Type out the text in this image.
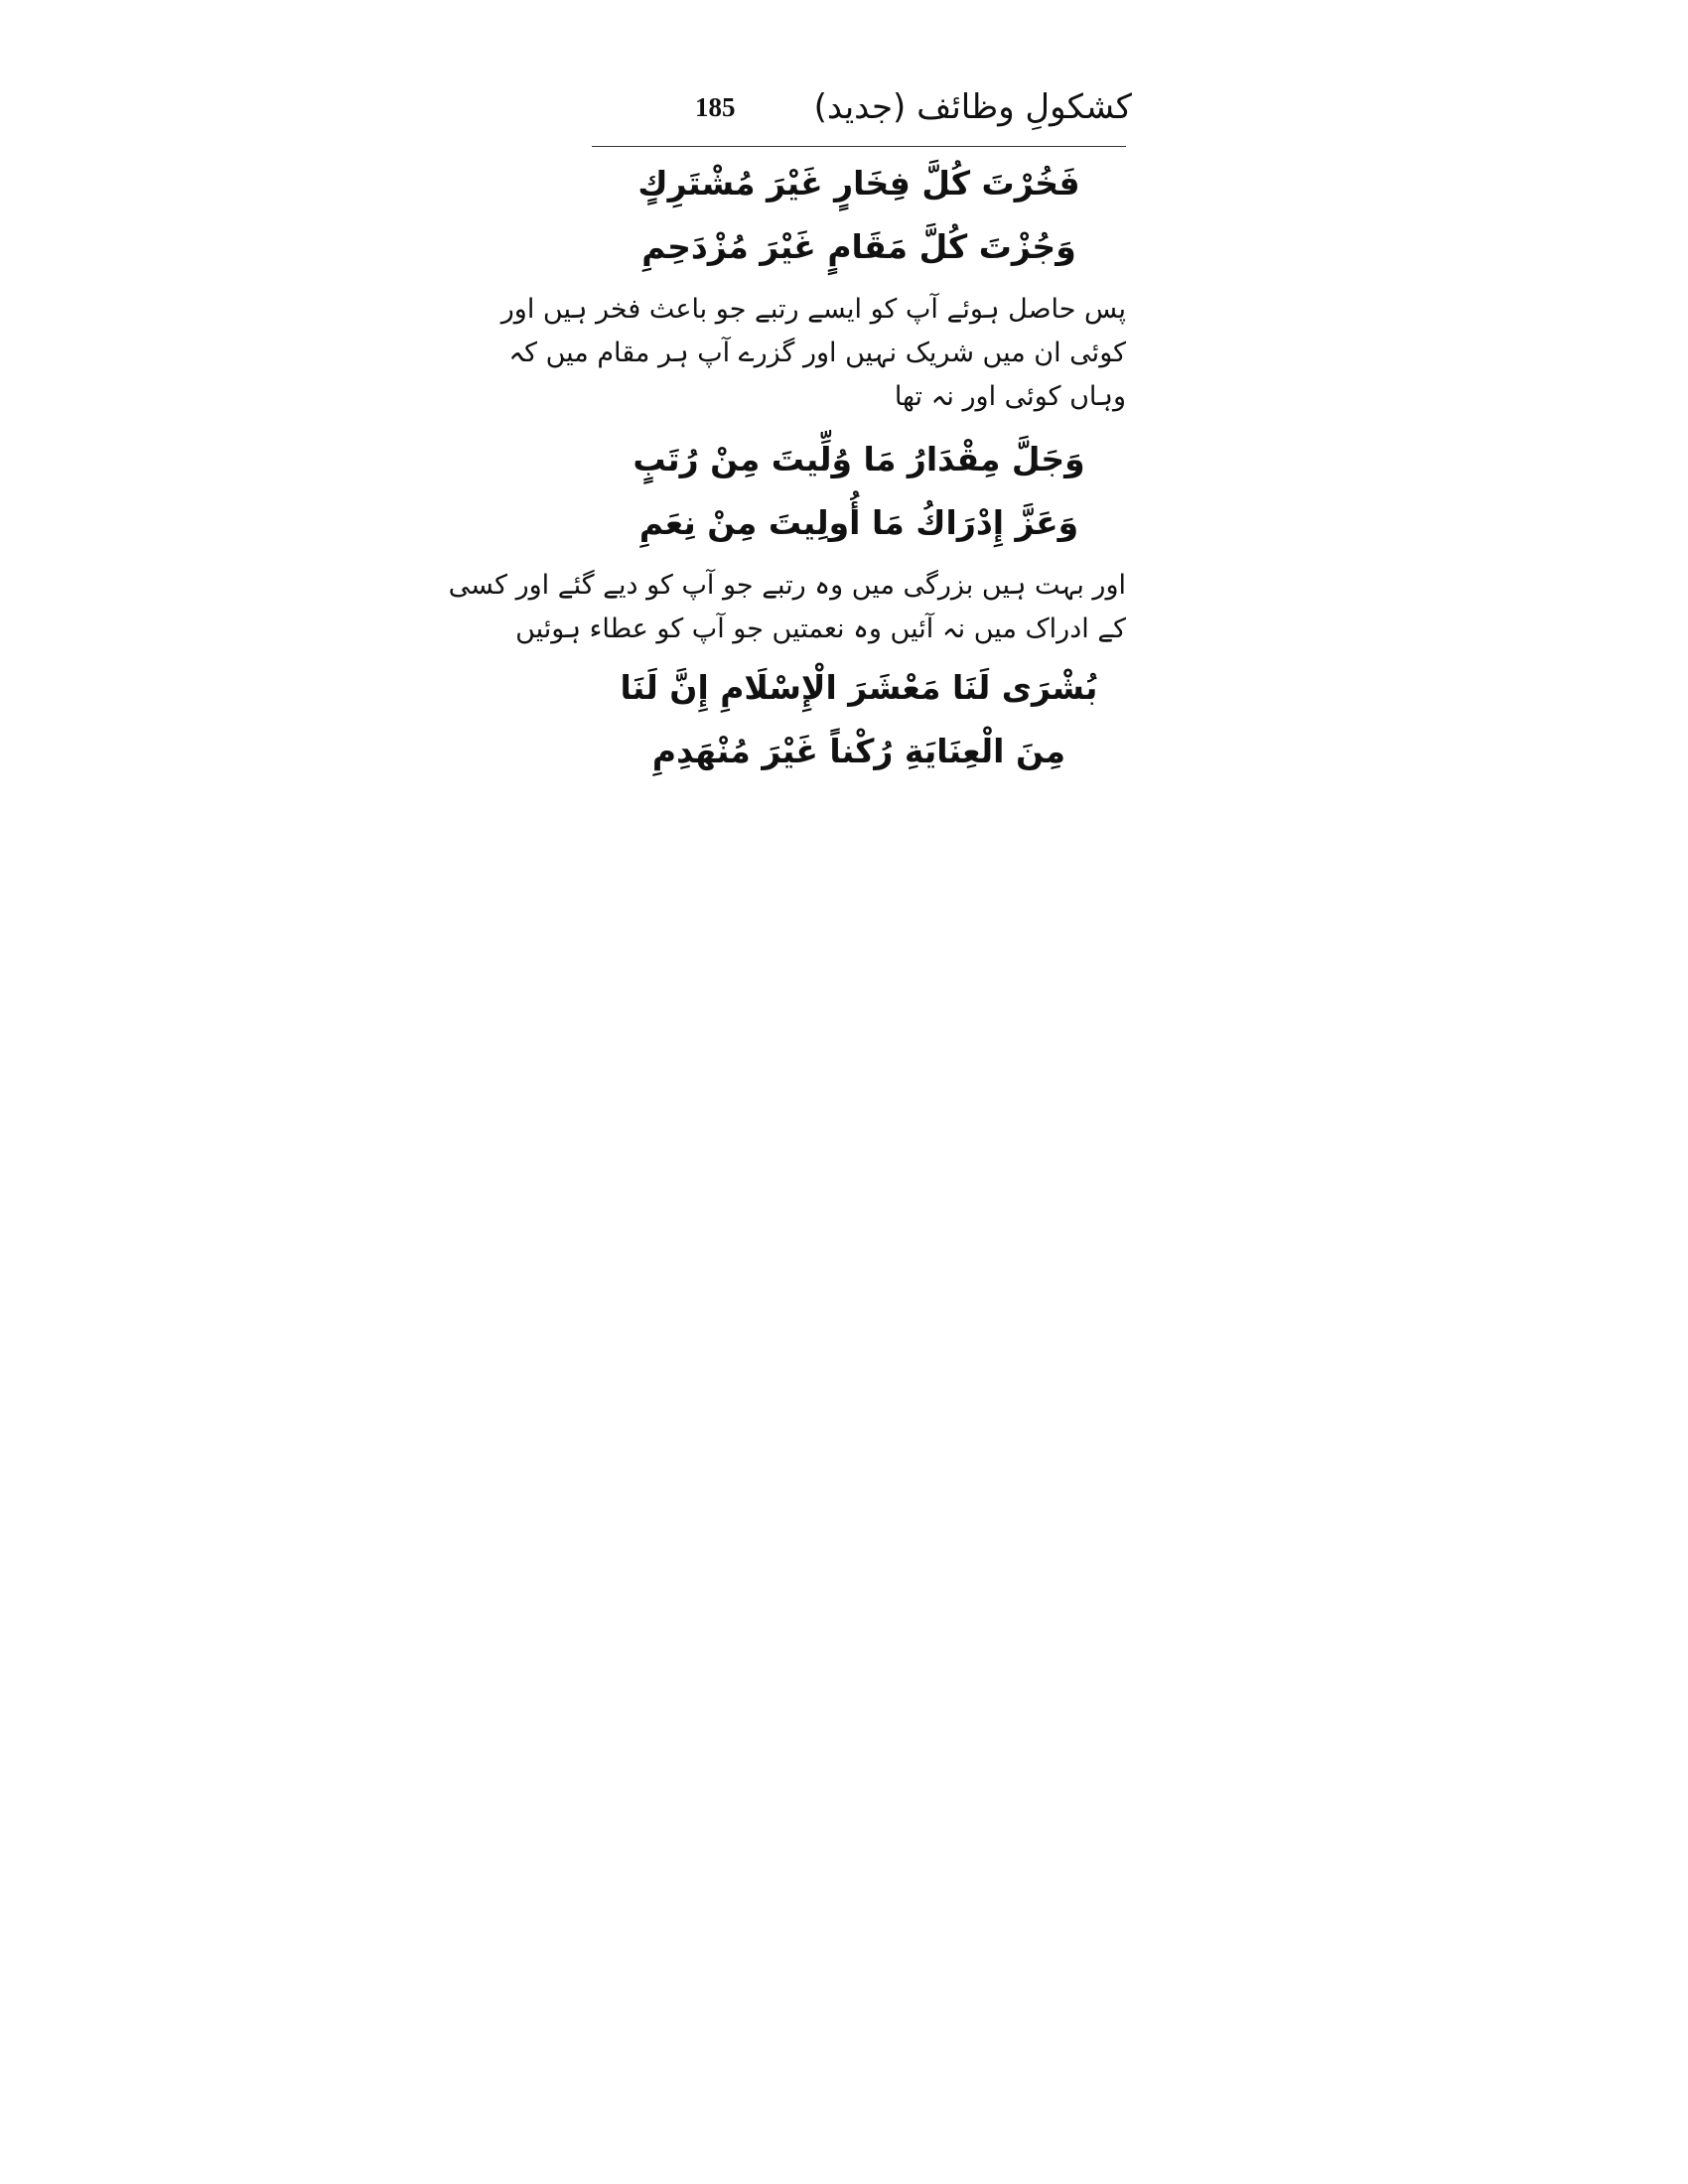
کشکولِ وظائف (جدید)
185
فَخُرْتَ كُلَّ فِخَارٍ غَيْرَ مُشْتَرِكٍ
وَجُزْتَ كُلَّ مَقَامٍ غَيْرَ مُزْدَحِمِ

پس حاصل ہوئے آپ کو ایسے رتبے جو باعث فخر ہیں اور
کوئی ان میں شریک نہیں اور گزرے آپ ہر مقام میں کہ
وہاں کوئی اور نہ تھا

وَجَلَّ مِقْدَارُ مَا وُلِّيتَ مِنْ رُتَبٍ
وَعَزَّ إِدْرَاكُ مَا أُولِيتَ مِنْ نِعَمِ

اور بہت ہیں بزرگی میں وہ رتبے جو آپ کو دیے گئے اور کسی
کے ادراک میں نہ آئیں وہ نعمتیں جو آپ کو عطاء ہوئیں

بُشْرَى لَنَا مَعْشَرَ الْإِسْلَامِ إِنَّ لَنَا
مِنَ الْعِنَايَةِ رُكْناً غَيْرَ مُنْهَدِمِ
